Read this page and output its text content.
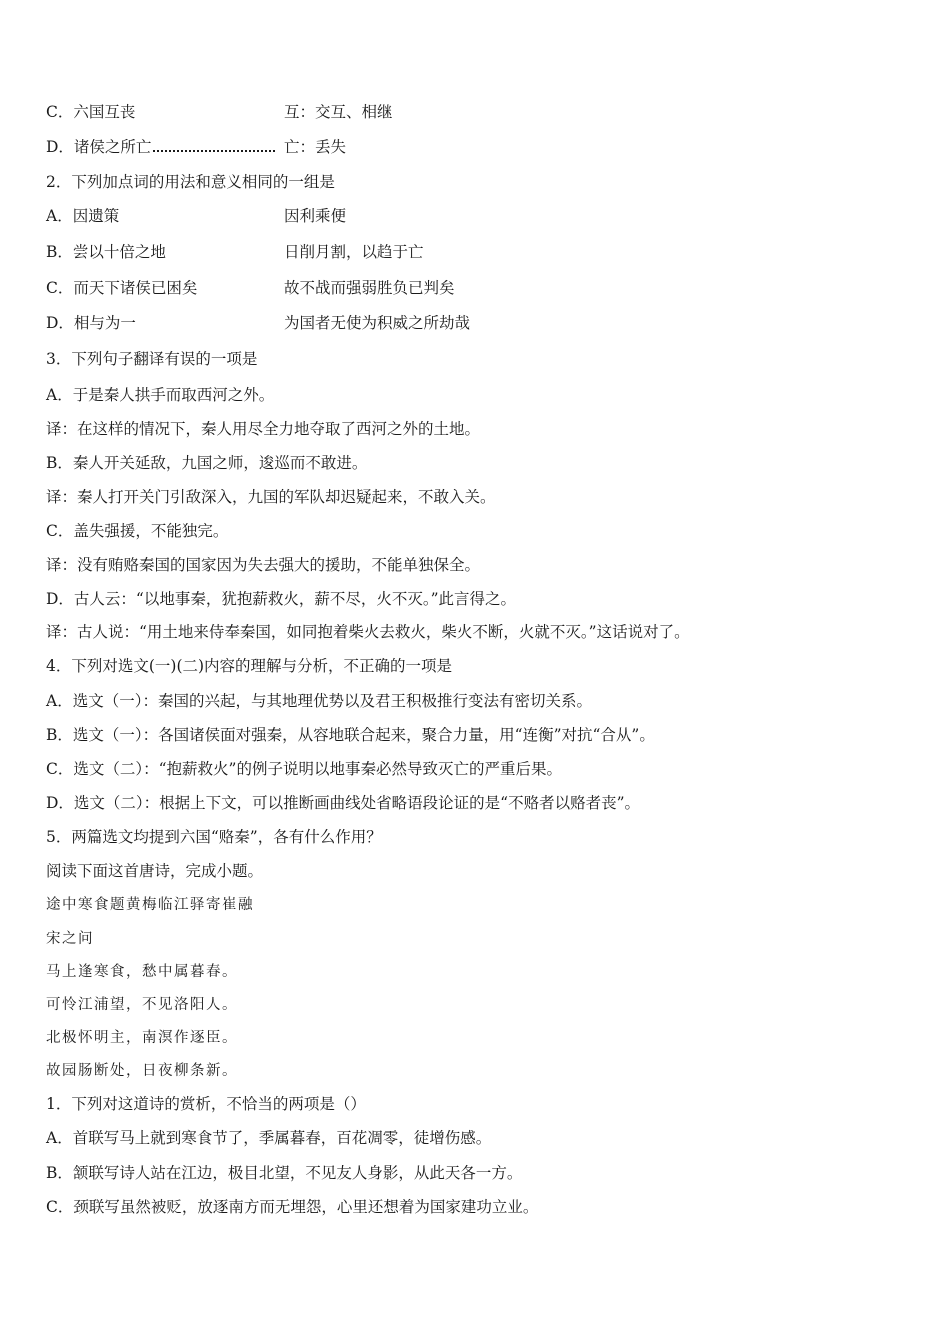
C．六国互丧	互：交互、相继
D．诸侯之所亡	亡：丢失
2．下列加点词的用法和意义相同的一组是
A．因遗策	因利乘便
B．尝以十倍之地	日削月割，以趋于亡
C．而天下诸侯已困矣	故不战而强弱胜负已判矣
D．相与为一	为国者无使为积威之所劫哉
3．下列句子翻译有误的一项是
A．于是秦人拱手而取西河之外。
译：在这样的情况下，秦人用尽全力地夺取了西河之外的土地。
B．秦人开关延敌，九国之师，逡巡而不敢进。
译：秦人打开关门引敌深入，九国的军队却迟疑起来，不敢入关。
C．盖失强援，不能独完。
译：没有贿赂秦国的国家因为失去强大的援助，不能单独保全。
D．古人云：“以地事秦，犹抱薪救火，薪不尽，火不灭。”此言得之。
译：古人说：“用土地来侍奉秦国，如同抱着柴火去救火，柴火不断，火就不灭。”这话说对了。
4．下列对选文(一)(二)内容的理解与分析，不正确的一项是
A．选文（一）：秦国的兴起，与其地理优势以及君王积极推行变法有密切关系。
B．选文（一）：各国诸侯面对强秦，从容地联合起来，聚合力量，用“连衡”对抗“合从”。
C．选文（二）：“抱薪救火”的例子说明以地事秦必然导致灭亡的严重后果。
D．选文（二）：根据上下文，可以推断画曲线处省略语段论证的是“不赂者以赂者丧”。
5．两篇选文均提到六国“赂秦”，各有什么作用？
阅读下面这首唐诗，完成小题。
途中寒食题黄梅临江驿寄崔融
宋之问
马上逢寒食，愁中属暮春。
可怜江浦望，不见洛阳人。
北极怀明主，南溟作逐臣。
故园肠断处，日夜柳条新。
1．下列对这道诗的赏析，不恰当的两项是（）
A．首联写马上就到寒食节了，季属暮春，百花凋零，徒增伤感。
B．颔联写诗人站在江边，极目北望，不见友人身影，从此天各一方。
C．颈联写虽然被贬，放逐南方而无埋怨，心里还想着为国家建功立业。
